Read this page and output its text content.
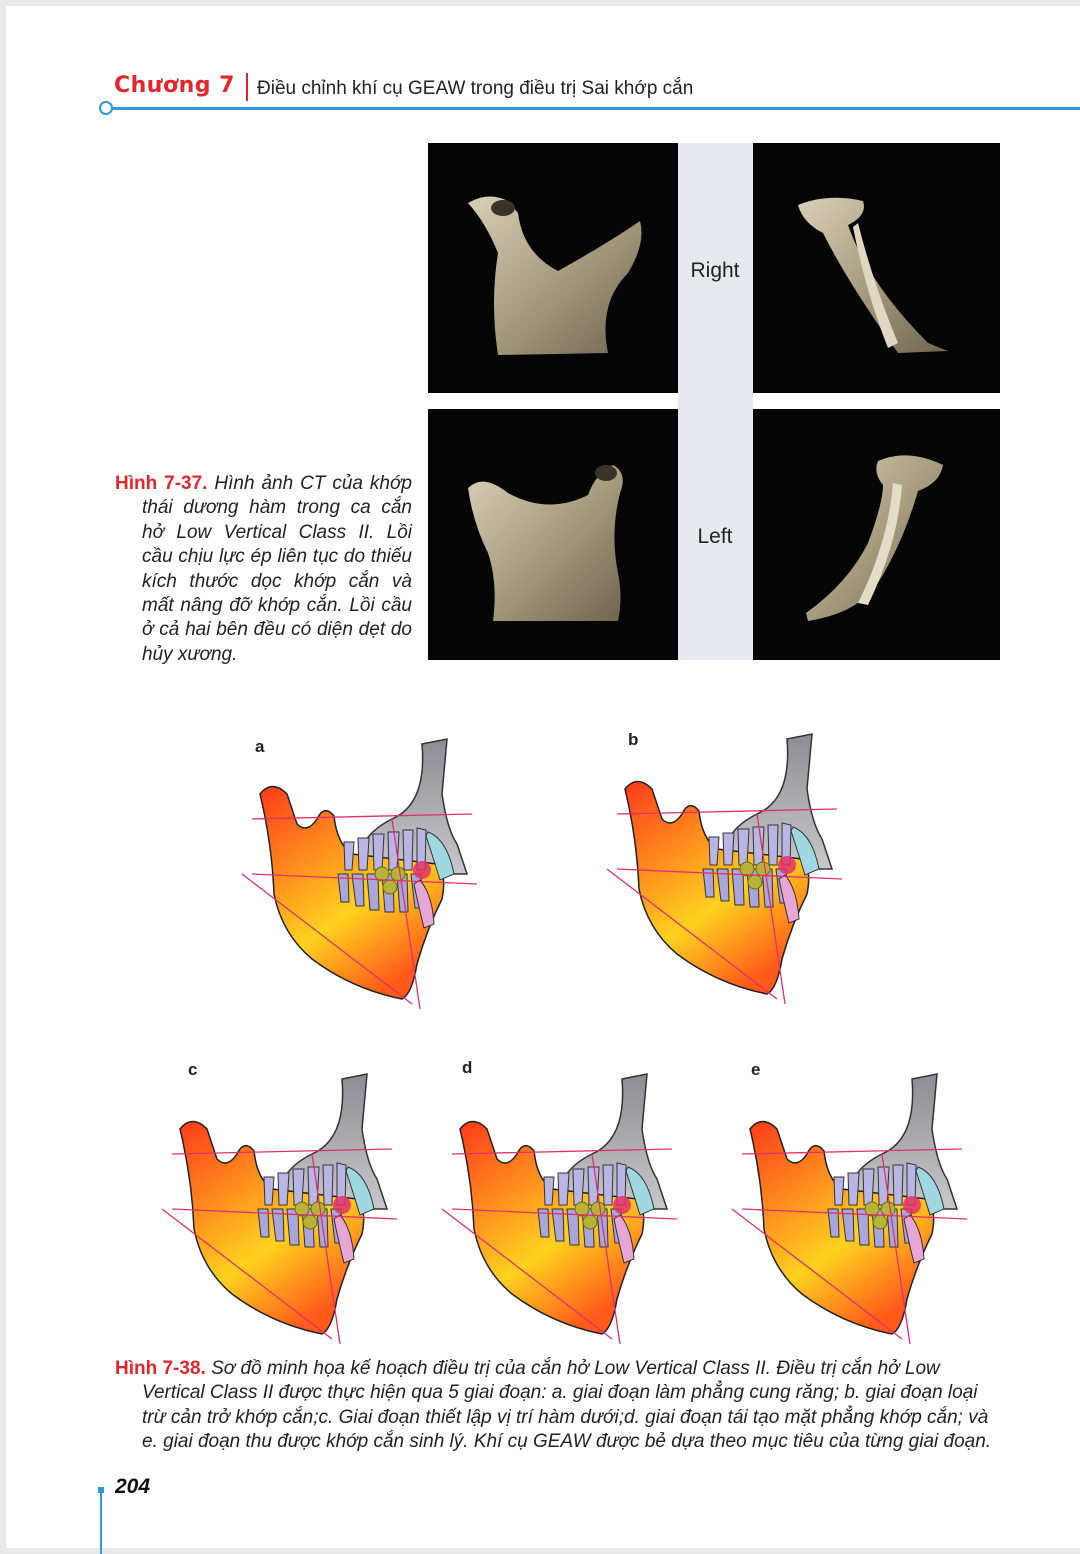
Chương 7 Điều chỉnh khí cụ GEAW trong điều trị Sai khớp cắn
Right
Left
Hình 7-37. Hình ảnh CT của khớp thái dương hàm trong ca cắn hở Low Vertical Class II. Lồi cầu chịu lực ép liên tục do thiếu kích thước dọc khớp cắn và mất nâng đỡ khớp cắn. Lồi cầu ở cả hai bên đều có diện dẹt do hủy xương.
a	b
c	d	e
Hình 7-38. Sơ đồ minh họa kế hoạch điều trị của cắn hở Low Vertical Class II. Điều trị cắn hở Low Vertical Class II được thực hiện qua 5 giai đoạn: a. giai đoạn làm phẳng cung răng; b. giai đoạn loại trừ cản trở khớp cắn;c. Giai đoạn thiết lập vị trí hàm dưới;d. giai đoạn tái tạo mặt phẳng khớp cắn; và e. giai đoạn thu được khớp cắn sinh lý. Khí cụ GEAW được bẻ dựa theo mục tiêu của từng giai đoạn.
204
